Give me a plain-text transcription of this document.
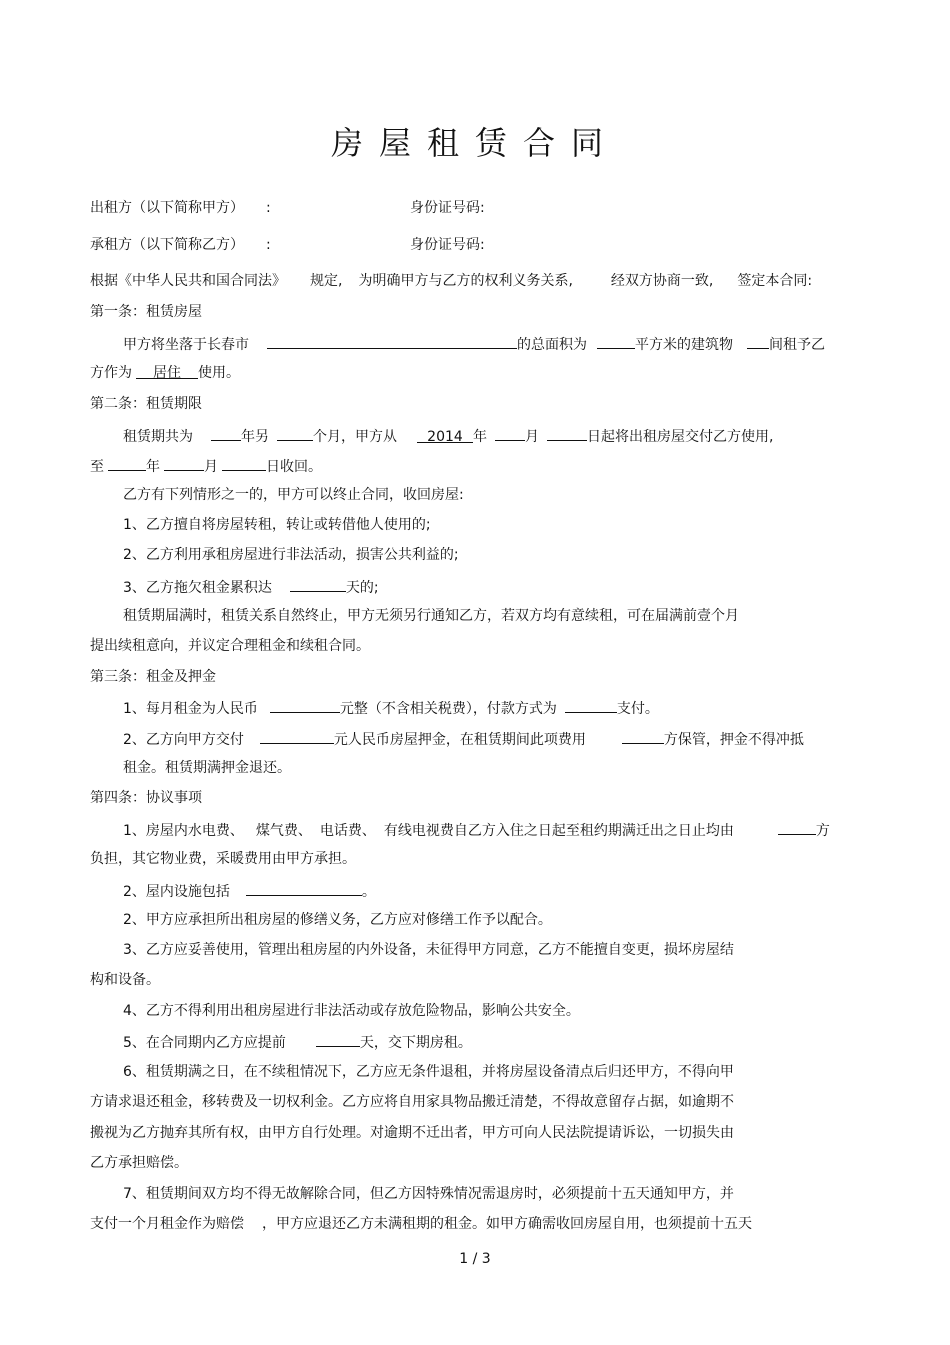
房屋租赁合同
出租方（以下简称甲方） :	身份证号码:
承租方（以下简称乙方） :	身份证号码:
根据《中华人民共和国合同法》 规定, 为明确甲方与乙方的权利义务关系,	经双方协商一致, 签定本合同:
第一条：租赁房屋
甲方将坐落于长春市	的总面积为	平方米的建筑物	间租予乙
方作为 居住 使用。
第二条：租赁期限
租赁期共为	年另	个月，甲方从 2014 年	月	日起将出租房屋交付乙方使用,
至	年	月	日收回。
乙方有下列情形之一的，甲方可以终止合同，收回房屋:
1、乙方擅自将房屋转租，转让或转借他人使用的;
2、乙方利用承租房屋进行非法活动，损害公共利益的;
3、乙方拖欠租金累积达	天的;
租赁期届满时，租赁关系自然终止，甲方无须另行通知乙方，若双方均有意续租，可在届满前壹个月
提出续租意向，并议定合理租金和续租合同。
第三条：租金及押金
1、每月租金为人民币	元整（不含相关税费），付款方式为	支付。
2、乙方向甲方交付	元人民币房屋押金，在租赁期间此项费用	方保管，押金不得冲抵
租金。租赁期满押金退还。
第四条：协议事项
1、房屋内水电费、 煤气费、 电话费、 有线电视费自乙方入住之日起至租约期满迁出之日止均由	方
负担，其它物业费，采暖费用由甲方承担。
2、屋内设施包括	。
2、甲方应承担所出租房屋的修缮义务，乙方应对修缮工作予以配合。
3、乙方应妥善使用，管理出租房屋的内外设备，未征得甲方同意，乙方不能擅自变更，损坏房屋结
构和设备。
4、乙方不得利用出租房屋进行非法活动或存放危险物品，影响公共安全。
5、在合同期内乙方应提前	天，交下期房租。
6、租赁期满之日，在不续租情况下，乙方应无条件退租，并将房屋设备清点后归还甲方，不得向甲
方请求退还租金，移转费及一切权利金。乙方应将自用家具物品搬迁清楚，不得故意留存占据，如逾期不
搬视为乙方抛弃其所有权，由甲方自行处理。对逾期不迁出者，甲方可向人民法院提请诉讼，一切损失由
乙方承担赔偿。
7、租赁期间双方均不得无故解除合同，但乙方因特殊情况需退房时，必须提前十五天通知甲方，并
支付一个月租金作为赔偿 ，甲方应退还乙方未满租期的租金。如甲方确需收回房屋自用，也须提前十五天
1 / 3
